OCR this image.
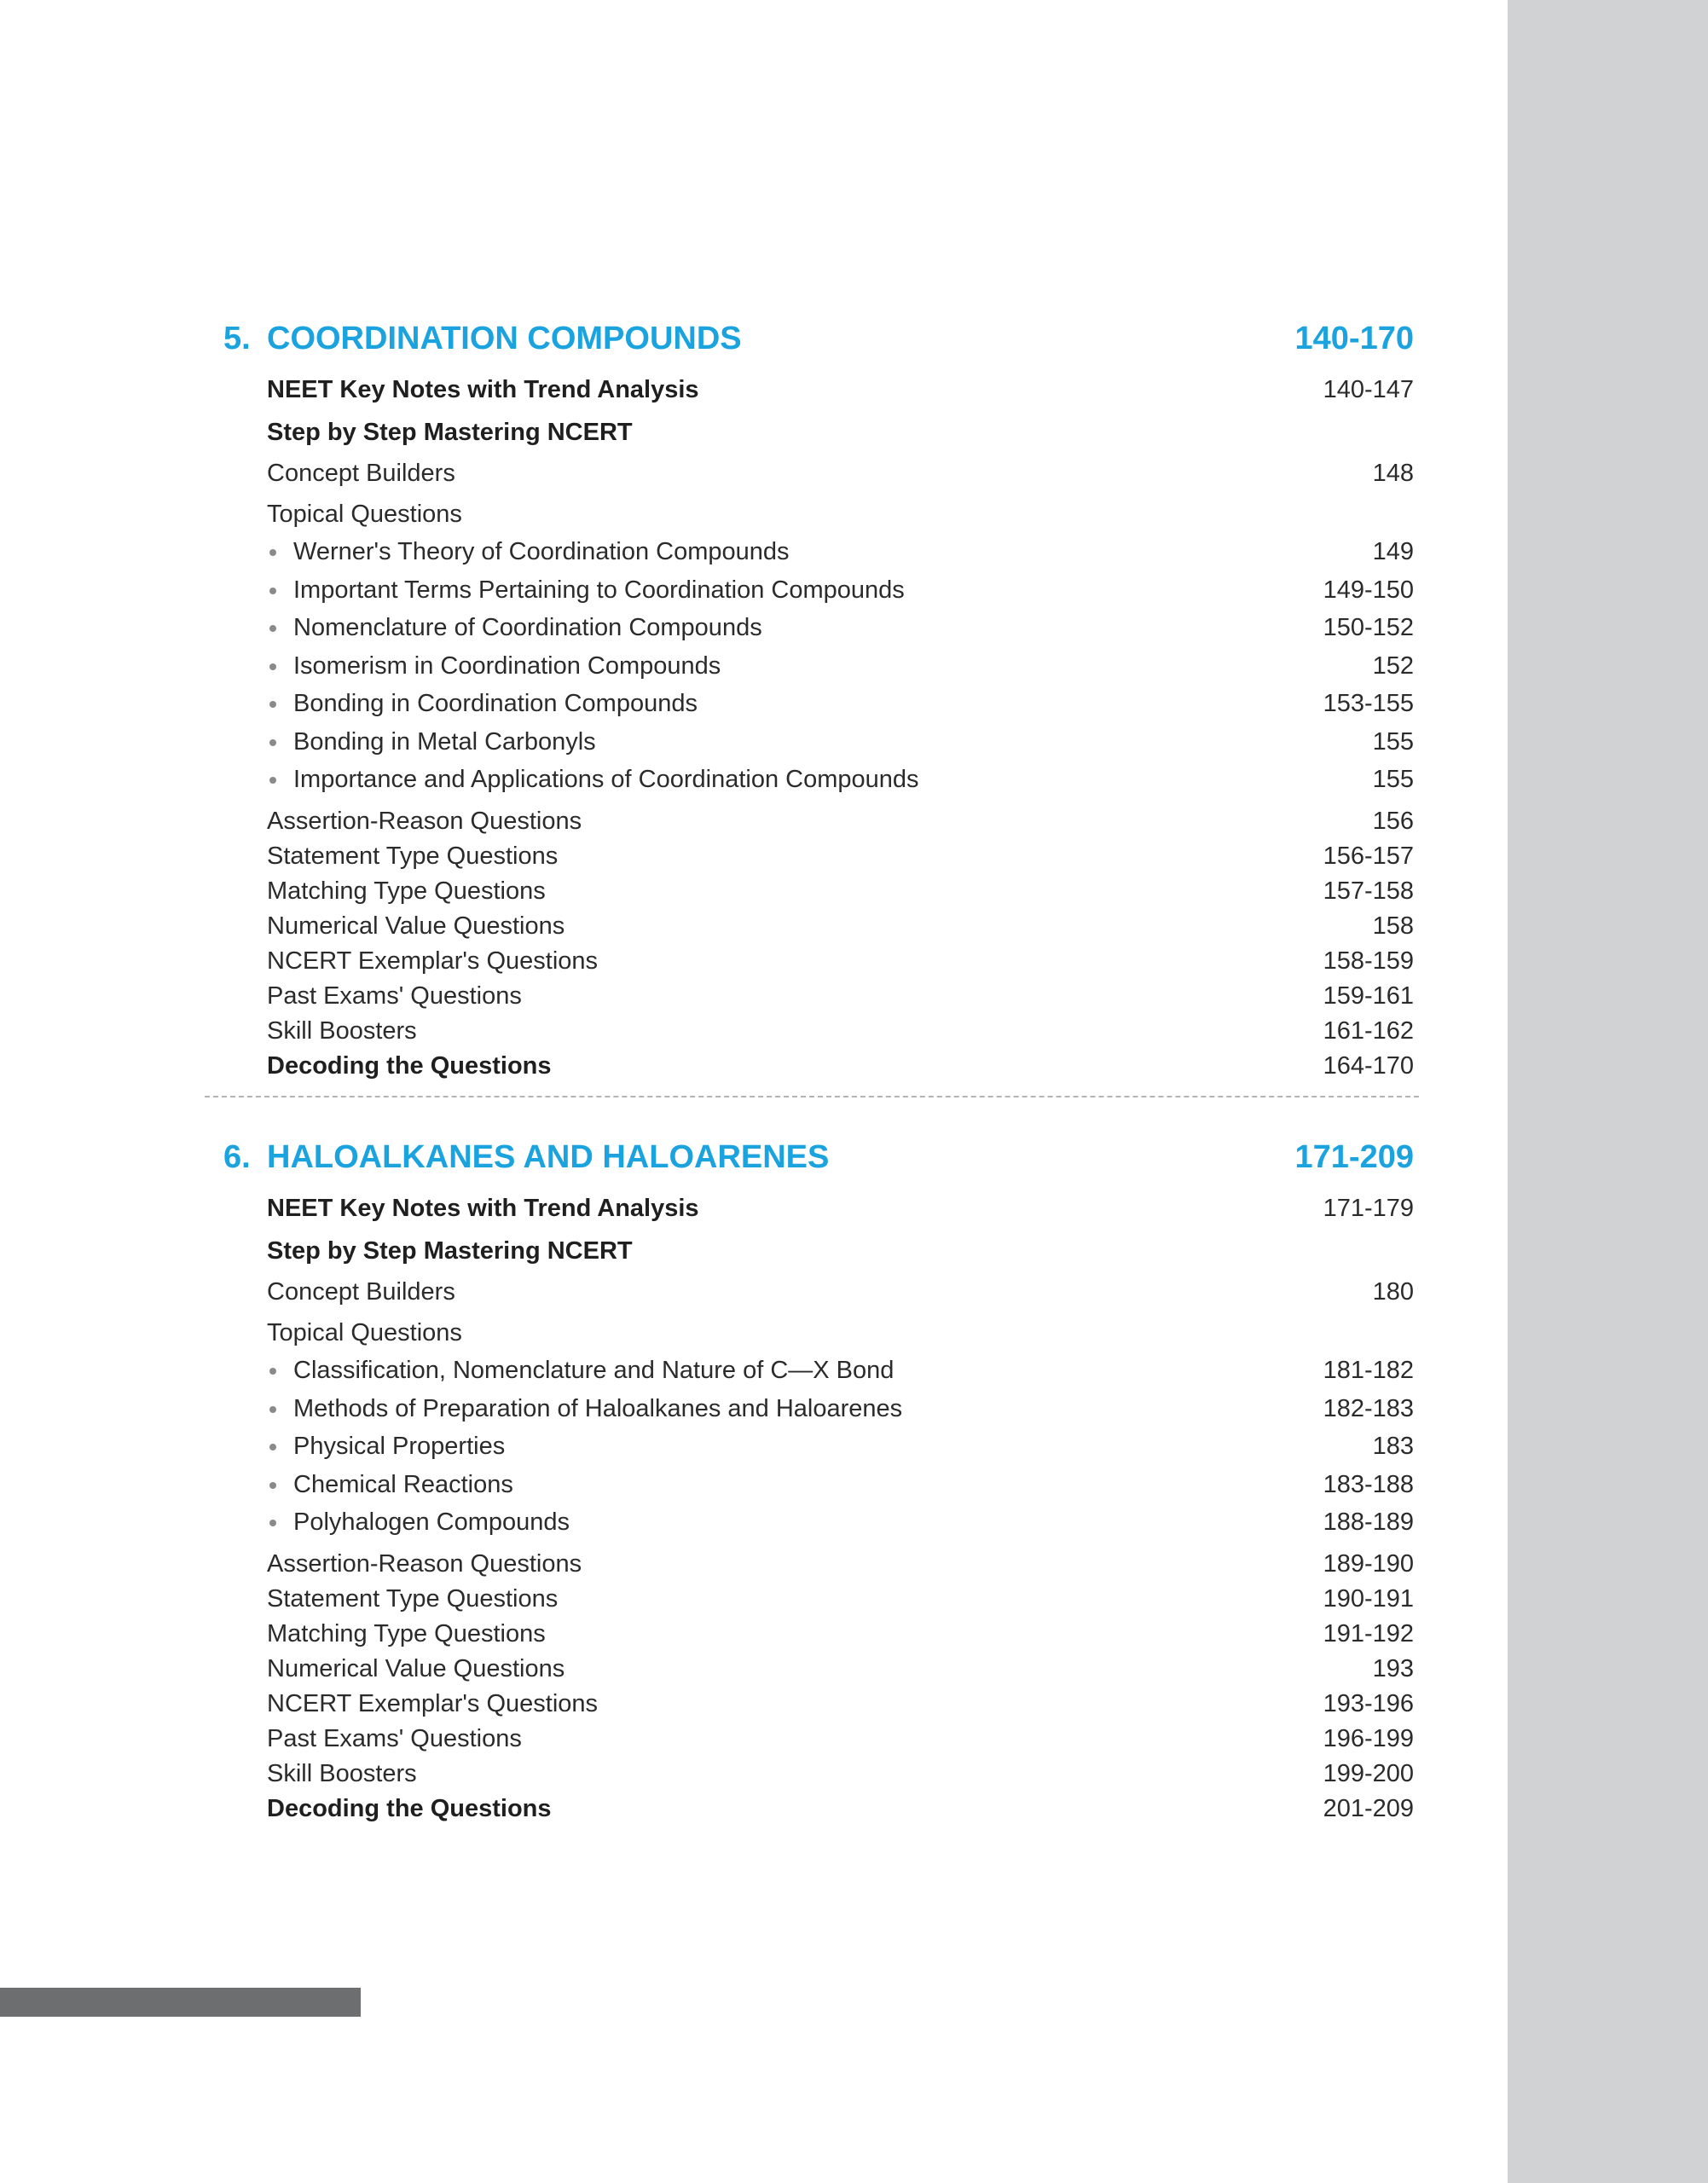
5. COORDINATION COMPOUNDS	140-170
NEET Key Notes with Trend Analysis	140-147
Step by Step Mastering NCERT
Concept Builders	148
Topical Questions
Werner's Theory of Coordination Compounds	149
Important Terms Pertaining to Coordination Compounds	149-150
Nomenclature of Coordination Compounds	150-152
Isomerism in Coordination Compounds	152
Bonding in Coordination Compounds	153-155
Bonding in Metal Carbonyls	155
Importance and Applications of Coordination Compounds	155
Assertion-Reason Questions	156
Statement Type Questions	156-157
Matching Type Questions	157-158
Numerical Value Questions	158
NCERT Exemplar's Questions	158-159
Past Exams' Questions	159-161
Skill Boosters	161-162
Decoding the Questions	164-170
6. HALOALKANES AND HALOARENES	171-209
NEET Key Notes with Trend Analysis	171-179
Step by Step Mastering NCERT
Concept Builders	180
Topical Questions
Classification, Nomenclature and Nature of C—X Bond	181-182
Methods of Preparation of Haloalkanes and Haloarenes	182-183
Physical Properties	183
Chemical Reactions	183-188
Polyhalogen Compounds	188-189
Assertion-Reason Questions	189-190
Statement Type Questions	190-191
Matching Type Questions	191-192
Numerical Value Questions	193
NCERT Exemplar's Questions	193-196
Past Exams' Questions	196-199
Skill Boosters	199-200
Decoding the Questions	201-209
